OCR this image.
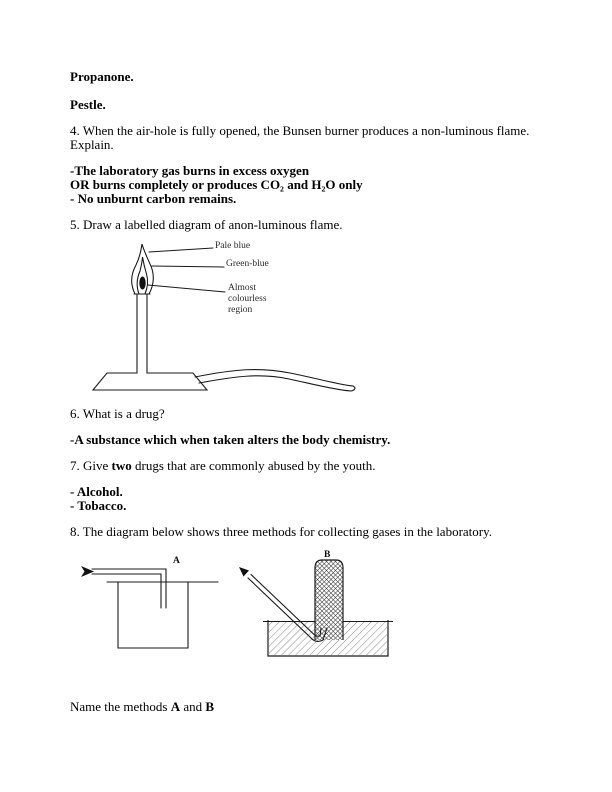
Propanone.
Pestle.
4. When the air-hole is fully opened, the Bunsen burner produces a non-luminous flame.
Explain.
-The laboratory gas burns in excess oxygen
OR burns completely or produces CO₂ and H₂O only
- No unburnt carbon remains.
5. Draw a labelled diagram of anon-luminous flame.
Pale blue
Green-blue
Almost colourless region
6. What is a drug?
-A substance which when taken alters the body chemistry.
7. Give two drugs that are commonly abused by the youth.
- Alcohol.
- Tobacco.
8. The diagram below shows three methods for collecting gases in the laboratory.
A
B
Name the methods A and B
